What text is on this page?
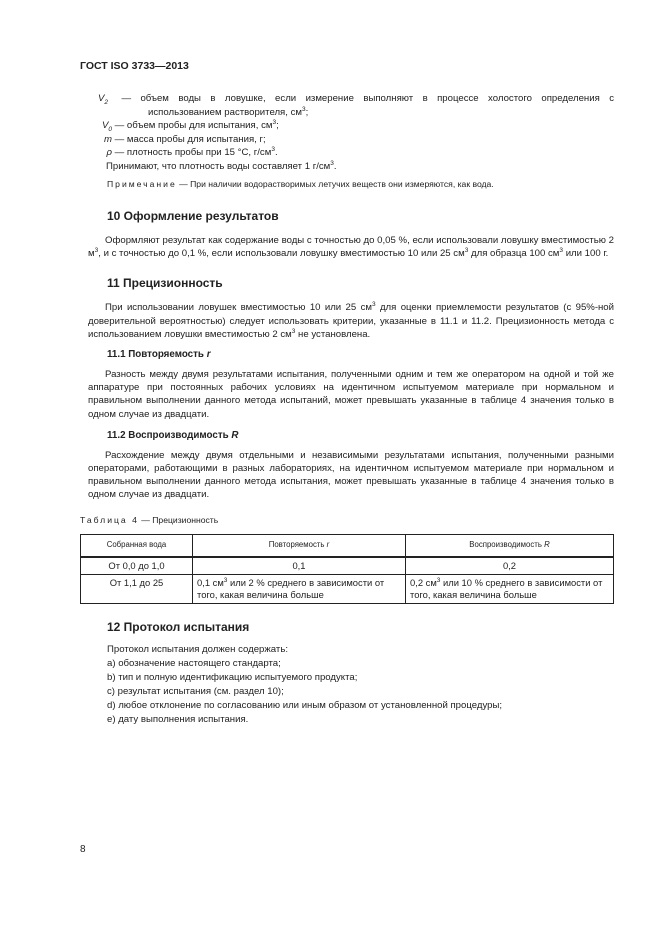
ГОСТ ISO 3733—2013
$V_2$ — объем воды в ловушке, если измерение выполняют в процессе холостого определения с
использованием растворителя, $см^3$;
$V_0$ — объем пробы для испытания, $см^3$;
m — масса пробы для испытания, г;
ρ — плотность пробы при 15 °С, $г/см^3$.
Принимают, что плотность воды составляет 1 $г/см^3$.
Примечание — При наличии водорастворимых летучих веществ они измеряются, как вода.
10 Оформление результатов
Оформляют результат как содержание воды с точностью до 0,05 %, если использовали ловушку вместимостью 2 $м^3$, и с точностью до 0,1 %, если использовали ловушку вместимостью 10 или 25 $см^3$ для образца 100 $см^3$ или 100 г.
11 Прецизионность
При использовании ловушек вместимостью 10 или 25 $см^3$ для оценки приемлемости результатов (с 95%-ной доверительной вероятностью) следует использовать критерии, указанные в 11.1 и 11.2. Прецизионность метода с использованием ловушки вместимостью 2 $см^3$ не установлена.
11.1 Повторяемость r
Разность между двумя результатами испытания, полученными одним и тем же оператором на одной и той же аппаратуре при постоянных рабочих условиях на идентичном испытуемом материале при нормальном и правильном выполнении данного метода испытаний, может превышать указанные в таблице 4 значения только в одном случае из двадцати.
11.2 Воспроизводимость R
Расхождение между двумя отдельными и независимыми результатами испытания, полученными разными операторами, работающими в разных лабораториях, на идентичном испытуемом материале при нормальном и правильном выполнении данного метода испытания, может превышать указанные в таблице 4 значения только в одном случае из двадцати.
Таблица 4 — Прецизионность
Собранная вода	Повторяемость r	Воспроизводимость R
От 0,0 до 1,0	0,1	0,2
От 1,1 до 25	0,1 $см^3$ или 2 % среднего в зависимости от того, какая величина больше	0,2 $см^3$ или 10 % среднего в зависимости от того, какая величина больше
12 Протокол испытания
Протокол испытания должен содержать:
а) обозначение настоящего стандарта;
b) тип и полную идентификацию испытуемого продукта;
c) результат испытания (см. раздел 10);
d) любое отклонение по согласованию или иным образом от установленной процедуры;
e) дату выполнения испытания.
8
